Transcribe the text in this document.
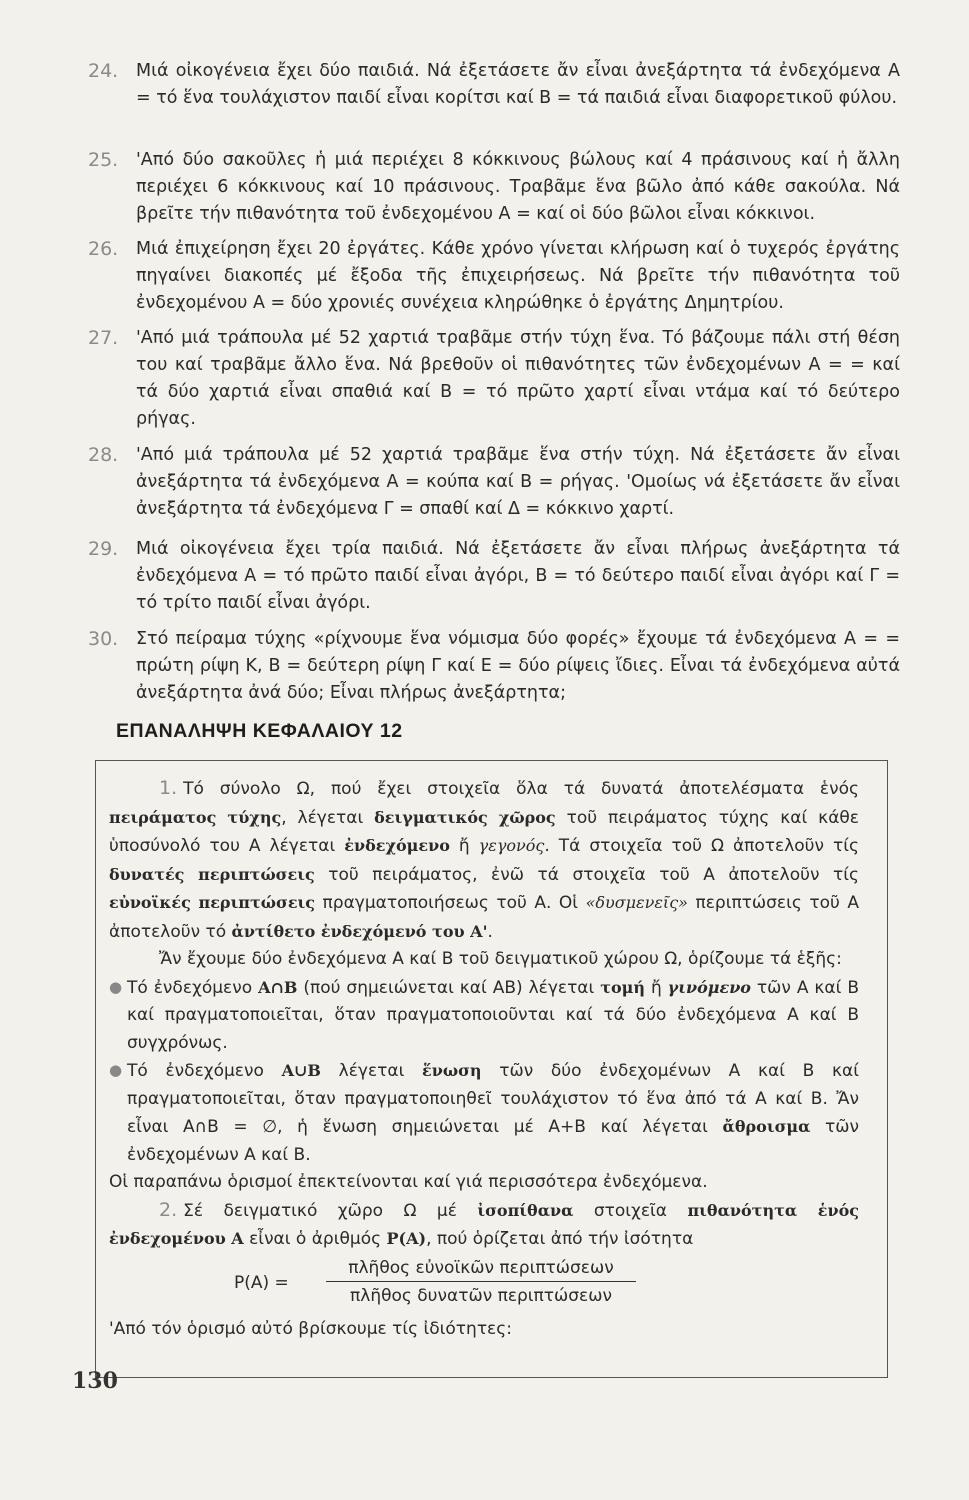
24.	Μιά οἰκογένεια ἔχει δύο παιδιά. Νά ἐξετάσετε ἄν εἶναι ἀνεξάρτητα τά ἐνδεχόμενα Α = τό ἕνα τουλάχιστον παιδί εἶναι κορίτσι καί Β = τά παιδιά εἶναι διαφορετικοῦ φύλου.
25.	'Από δύο σακοῦλες ἡ μιά περιέχει 8 κόκκινους βώλους καί 4 πράσινους καί ἡ ἄλλη περιέχει 6 κόκκινους καί 10 πράσινους. Τραβᾶμε ἕνα βῶλο ἀπό κάθε σακούλα. Νά βρεῖτε τήν πιθανότητα τοῦ ἐνδεχομένου Α = καί οἱ δύο βῶλοι εἶναι κόκκινοι.
26.	Μιά ἐπιχείρηση ἔχει 20 ἐργάτες. Κάθε χρόνο γίνεται κλήρωση καί ὁ τυχερός ἐργάτης πηγαίνει διακοπές μέ ἔξοδα τῆς ἐπιχειρήσεως. Νά βρεῖτε τήν πιθανότητα τοῦ ἐνδεχομένου Α = δύο χρονιές συνέχεια κληρώθηκε ὁ ἐργάτης Δημητρίου.
27.	'Από μιά τράπουλα μέ 52 χαρτιά τραβᾶμε στήν τύχη ἕνα. Τό βάζουμε πάλι στή θέση του καί τραβᾶμε ἄλλο ἕνα. Νά βρεθοῦν οἱ πιθανότητες τῶν ἐνδεχομένων Α = = καί τά δύο χαρτιά εἶναι σπαθιά καί Β = τό πρῶτο χαρτί εἶναι ντάμα καί τό δεύτερο ρήγας.
28.	'Από μιά τράπουλα μέ 52 χαρτιά τραβᾶμε ἕνα στήν τύχη. Νά ἐξετάσετε ἄν εἶναι ἀνεξάρτητα τά ἐνδεχόμενα Α = κούπα καί Β = ρήγας. 'Ομοίως νά ἐξετάσετε ἄν εἶναι ἀνεξάρτητα τά ἐνδεχόμενα Γ = σπαθί καί Δ = κόκκινο χαρτί.
29.	Μιά οἰκογένεια ἔχει τρία παιδιά. Νά ἐξετάσετε ἄν εἶναι πλήρως ἀνεξάρτητα τά ἐνδεχόμενα Α = τό πρῶτο παιδί εἶναι ἀγόρι, Β = τό δεύτερο παιδί εἶναι ἀγόρι καί Γ = τό τρίτο παιδί εἶναι ἀγόρι.
30.	Στό πείραμα τύχης «ρίχνουμε ἕνα νόμισμα δύο φορές» ἔχουμε τά ἐνδεχόμενα Α = = πρώτη ρίψη Κ, Β = δεύτερη ρίψη Γ καί Ε = δύο ρίψεις ἴδιες. Εἶναι τά ἐνδεχόμενα αὐτά ἀνεξάρτητα ἀνά δύο; Εἶναι πλήρως ἀνεξάρτητα;
ΕΠΑΝΑΛΗΨΗ ΚΕΦΑΛΑΙΟΥ 12

1. Τό σύνολο Ω, πού ἔχει στοιχεῖα ὅλα τά δυνατά ἀποτελέσματα ἑνός πειράματος τύχης, λέγεται δειγματικός χῶρος τοῦ πειράματος τύχης καί κάθε ὑποσύνολό του Α λέγεται ἐνδεχόμενο ἤ γεγονός. Τά στοιχεῖα τοῦ Ω ἀποτελοῦν τίς δυνατές περιπτώσεις τοῦ πειράματος, ἐνῶ τά στοιχεῖα τοῦ Α ἀποτελοῦν τίς εὐνοϊκές περιπτώσεις πραγματοποιήσεως τοῦ Α. Οἱ «δυσμενεῖς» περιπτώσεις τοῦ Α ἀποτελοῦν τό ἀντίθετο ἐνδεχόμενό του Α'.

Ἄν ἔχουμε δύο ἐνδεχόμενα Α καί Β τοῦ δειγματικοῦ χώρου Ω, ὁρίζουμε τά ἑξῆς:

● Τό ἐνδεχόμενο Α∩Β (πού σημειώνεται καί ΑΒ) λέγεται τομή ἤ γινόμενο τῶν Α καί Β καί πραγματοποιεῖται, ὅταν πραγματοποιοῦνται καί τά δύο ἐνδεχόμενα Α καί Β συγχρόνως.
● Τό ἐνδεχόμενο Α∪Β λέγεται ἕνωση τῶν δύο ἐνδεχομένων Α καί Β καί πραγματοποιεῖται, ὅταν πραγματοποιηθεῖ τουλάχιστον τό ἕνα ἀπό τά Α καί Β. Ἄν εἶναι Α∩Β = ∅, ἡ ἕνωση σημειώνεται μέ Α+Β καί λέγεται ἄθροισμα τῶν ἐνδεχομένων Α καί Β.

Οἱ παραπάνω ὁρισμοί ἐπεκτείνονται καί γιά περισσότερα ἐνδεχόμενα.

2. Σέ δειγματικό χῶρο Ω μέ ἰσοπίθανα στοιχεῖα πιθανότητα ἑνός ἐνδεχομένου Α εἶναι ὁ ἀριθμός P(A), πού ὁρίζεται ἀπό τήν ἰσότητα

P(A) =
πλῆθος εὐνοϊκῶν περιπτώσεων
πλῆθος δυνατῶν περιπτώσεων

'Από τόν ὁρισμό αὐτό βρίσκουμε τίς ἰδιότητες:

130
